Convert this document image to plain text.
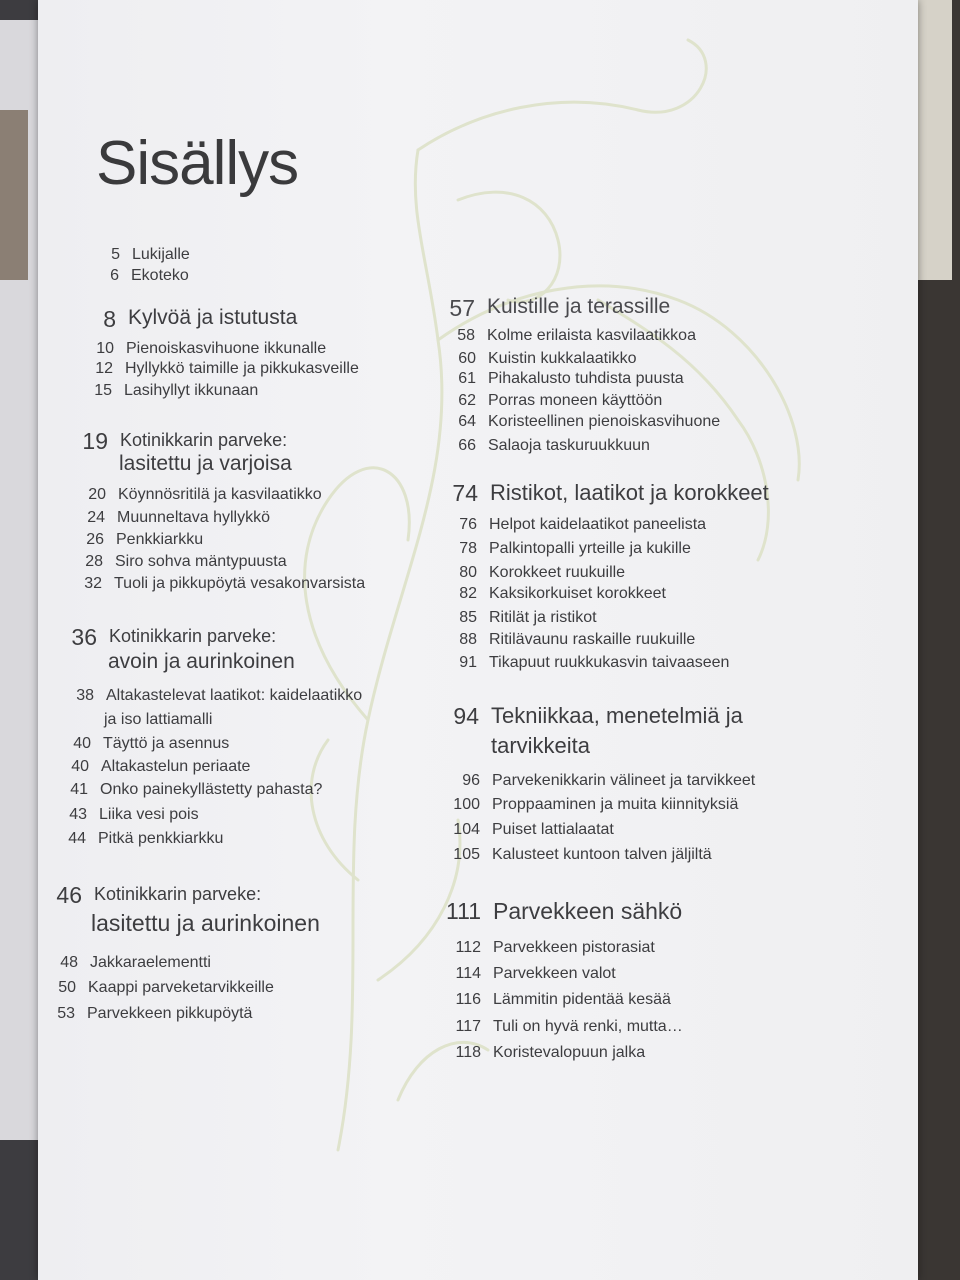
Sisällys
5 Lukijalle
6 Ekoteko
8 Kylvöä ja istutusta
10 Pienoiskasvihuone ikkunalle
12 Hyllykkö taimille ja pikkukasveille
15 Lasihyllyt ikkunaan
19 Kotinikkarin parveke:
lasitettu ja varjoisa
20 Köynnösritilä ja kasvilaatikko
24 Muunneltava hyllykkö
26 Penkkiarkku
28 Siro sohva mäntypuusta
32 Tuoli ja pikkupöytä vesakonvarsista
36 Kotinikkarin parveke:
avoin ja aurinkoinen
38 Altakastelevat laatikot: kaidelaatikko
ja iso lattiamalli
40 Täyttö ja asennus
40 Altakastelun periaate
41 Onko painekyllästetty pahasta?
43 Liika vesi pois
44 Pitkä penkkiarkku
46 Kotinikkarin parveke:
lasitettu ja aurinkoinen
48 Jakkaraelementti
50 Kaappi parveketarvikkeille
53 Parvekkeen pikkupöytä
57 Kuistille ja terassille
58 Kolme erilaista kasvilaatikkoa
60 Kuistin kukkalaatikko
61 Pihakalusto tuhdista puusta
62 Porras moneen käyttöön
64 Koristeellinen pienoiskasvihuone
66 Salaoja taskuruukkuun
74 Ristikot, laatikot ja korokkeet
76 Helpot kaidelaatikot paneelista
78 Palkintopalli yrteille ja kukille
80 Korokkeet ruukuille
82 Kaksikorkuiset korokkeet
85 Ritilät ja ristikot
88 Ritilävaunu raskaille ruukuille
91 Tikapuut ruukkukasvin taivaaseen
94 Tekniikkaa, menetelmiä ja
tarvikkeita
96 Parvekenikkarin välineet ja tarvikkeet
100 Proppaaminen ja muita kiinnityksiä
104 Puiset lattialaatat
105 Kalusteet kuntoon talven jäljiltä
111 Parvekkeen sähkö
112 Parvekkeen pistorasiat
114 Parvekkeen valot
116 Lämmitin pidentää kesää
117 Tuli on hyvä renki, mutta…
118 Koristevalopuun jalka
